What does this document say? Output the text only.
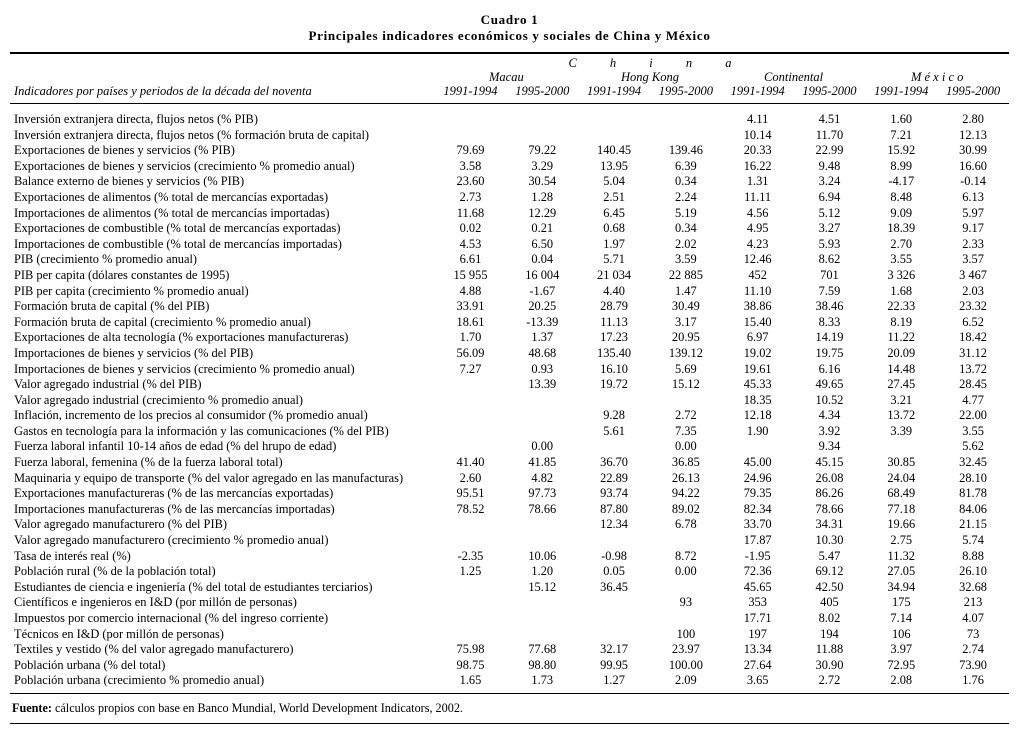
Cuadro 1
Principales indicadores económicos y sociales de China y México
	C h i n a							
	Macau		Hong Kong		Continental		M é x i c o	
Indicadores por países y periodos de la década del noventa	1991-1994	1995-2000	1991-1994	1995-2000	1991-1994	1995-2000	1991-1994	1995-2000
Inversión extranjera directa, flujos netos (% PIB)					4.11	4.51	1.60	2.80
Inversión extranjera directa, flujos netos (% formación bruta de capital)					10.14	11.70	7.21	12.13
Exportaciones de bienes y servicios (% PIB)	79.69	79.22	140.45	139.46	20.33	22.99	15.92	30.99
Exportaciones de bienes y servicios (crecimiento % promedio anual)	3.58	3.29	13.95	6.39	16.22	9.48	8.99	16.60
Balance externo de bienes y servicios (% PIB)	23.60	30.54	5.04	0.34	1.31	3.24	-4.17	-0.14
Exportaciones de alimentos (% total de mercancías exportadas)	2.73	1.28	2.51	2.24	11.11	6.94	8.48	6.13
Importaciones de alimentos (% total de mercancías importadas)	11.68	12.29	6.45	5.19	4.56	5.12	9.09	5.97
Exportaciones de combustible (% total de mercancías exportadas)	0.02	0.21	0.68	0.34	4.95	3.27	18.39	9.17
Importaciones de combustible (% total de mercancías importadas)	4.53	6.50	1.97	2.02	4.23	5.93	2.70	2.33
PIB (crecimiento % promedio anual)	6.61	0.04	5.71	3.59	12.46	8.62	3.55	3.57
PIB per capita (dólares constantes de 1995)	15 955	16 004	21 034	22 885	452	701	3 326	3 467
PIB per capita (crecimiento % promedio anual)	4.88	-1.67	4.40	1.47	11.10	7.59	1.68	2.03
Formación bruta de capital (% del PIB)	33.91	20.25	28.79	30.49	38.86	38.46	22.33	23.32
Formación bruta de capital (crecimiento % promedio anual)	18.61	-13.39	11.13	3.17	15.40	8.33	8.19	6.52
Exportaciones de alta tecnología (% exportaciones manufactureras)	1.70	1.37	17.23	20.95	6.97	14.19	11.22	18.42
Importaciones de bienes y servicios (% del PIB)	56.09	48.68	135.40	139.12	19.02	19.75	20.09	31.12
Importaciones de bienes y servicios (crecimiento % promedio anual)	7.27	0.93	16.10	5.69	19.61	6.16	14.48	13.72
Valor agregado industrial (% del PIB)		13.39	19.72	15.12	45.33	49.65	27.45	28.45
Valor agregado industrial (crecimiento % promedio anual)					18.35	10.52	3.21	4.77
Inflación, incremento de los precios al consumidor (% promedio anual)			9.28	2.72	12.18	4.34	13.72	22.00
Gastos en tecnología para la información y las comunicaciones (% del PIB)			5.61	7.35	1.90	3.92	3.39	3.55
Fuerza laboral infantil 10-14 años de edad (% del hrupo de edad)		0.00		0.00		9.34		5.62
Fuerza laboral, femenina (% de la fuerza laboral total)	41.40	41.85	36.70	36.85	45.00	45.15	30.85	32.45
Maquinaria y equipo de transporte (% del valor agregado en las manufacturas)	2.60	4.82	22.89	26.13	24.96	26.08	24.04	28.10
Exportaciones manufactureras (% de las mercancías exportadas)	95.51	97.73	93.74	94.22	79.35	86.26	68.49	81.78
Importaciones manufactureras (% de las mercancías importadas)	78.52	78.66	87.80	89.02	82.34	78.66	77.18	84.06
Valor agregado manufacturero (% del PIB)			12.34	6.78	33.70	34.31	19.66	21.15
Valor agregado manufacturero (crecimiento % promedio anual)					17.87	10.30	2.75	5.74
Tasa de interés real (%)	-2.35	10.06	-0.98	8.72	-1.95	5.47	11.32	8.88
Población rural (% de la población total)	1.25	1.20	0.05	0.00	72.36	69.12	27.05	26.10
Estudiantes de ciencia e ingeniería (% del total de estudiantes terciarios)		15.12	36.45		45.65	42.50	34.94	32.68
Científicos e ingenieros en I&D (por millón de personas)				93	353	405	175	213
Impuestos por comercio internacional (% del ingreso corriente)					17.71	8.02	7.14	4.07
Técnicos en I&D (por millón de personas)				100	197	194	106	73
Textiles y vestido (% del valor agregado manufacturero)	75.98	77.68	32.17	23.97	13.34	11.88	3.97	2.74
Población urbana (% del total)	98.75	98.80	99.95	100.00	27.64	30.90	72.95	73.90
Población urbana (crecimiento % promedio anual)	1.65	1.73	1.27	2.09	3.65	2.72	2.08	1.76
Fuente: cálculos propios con base en Banco Mundial, World Development Indicators, 2002.
